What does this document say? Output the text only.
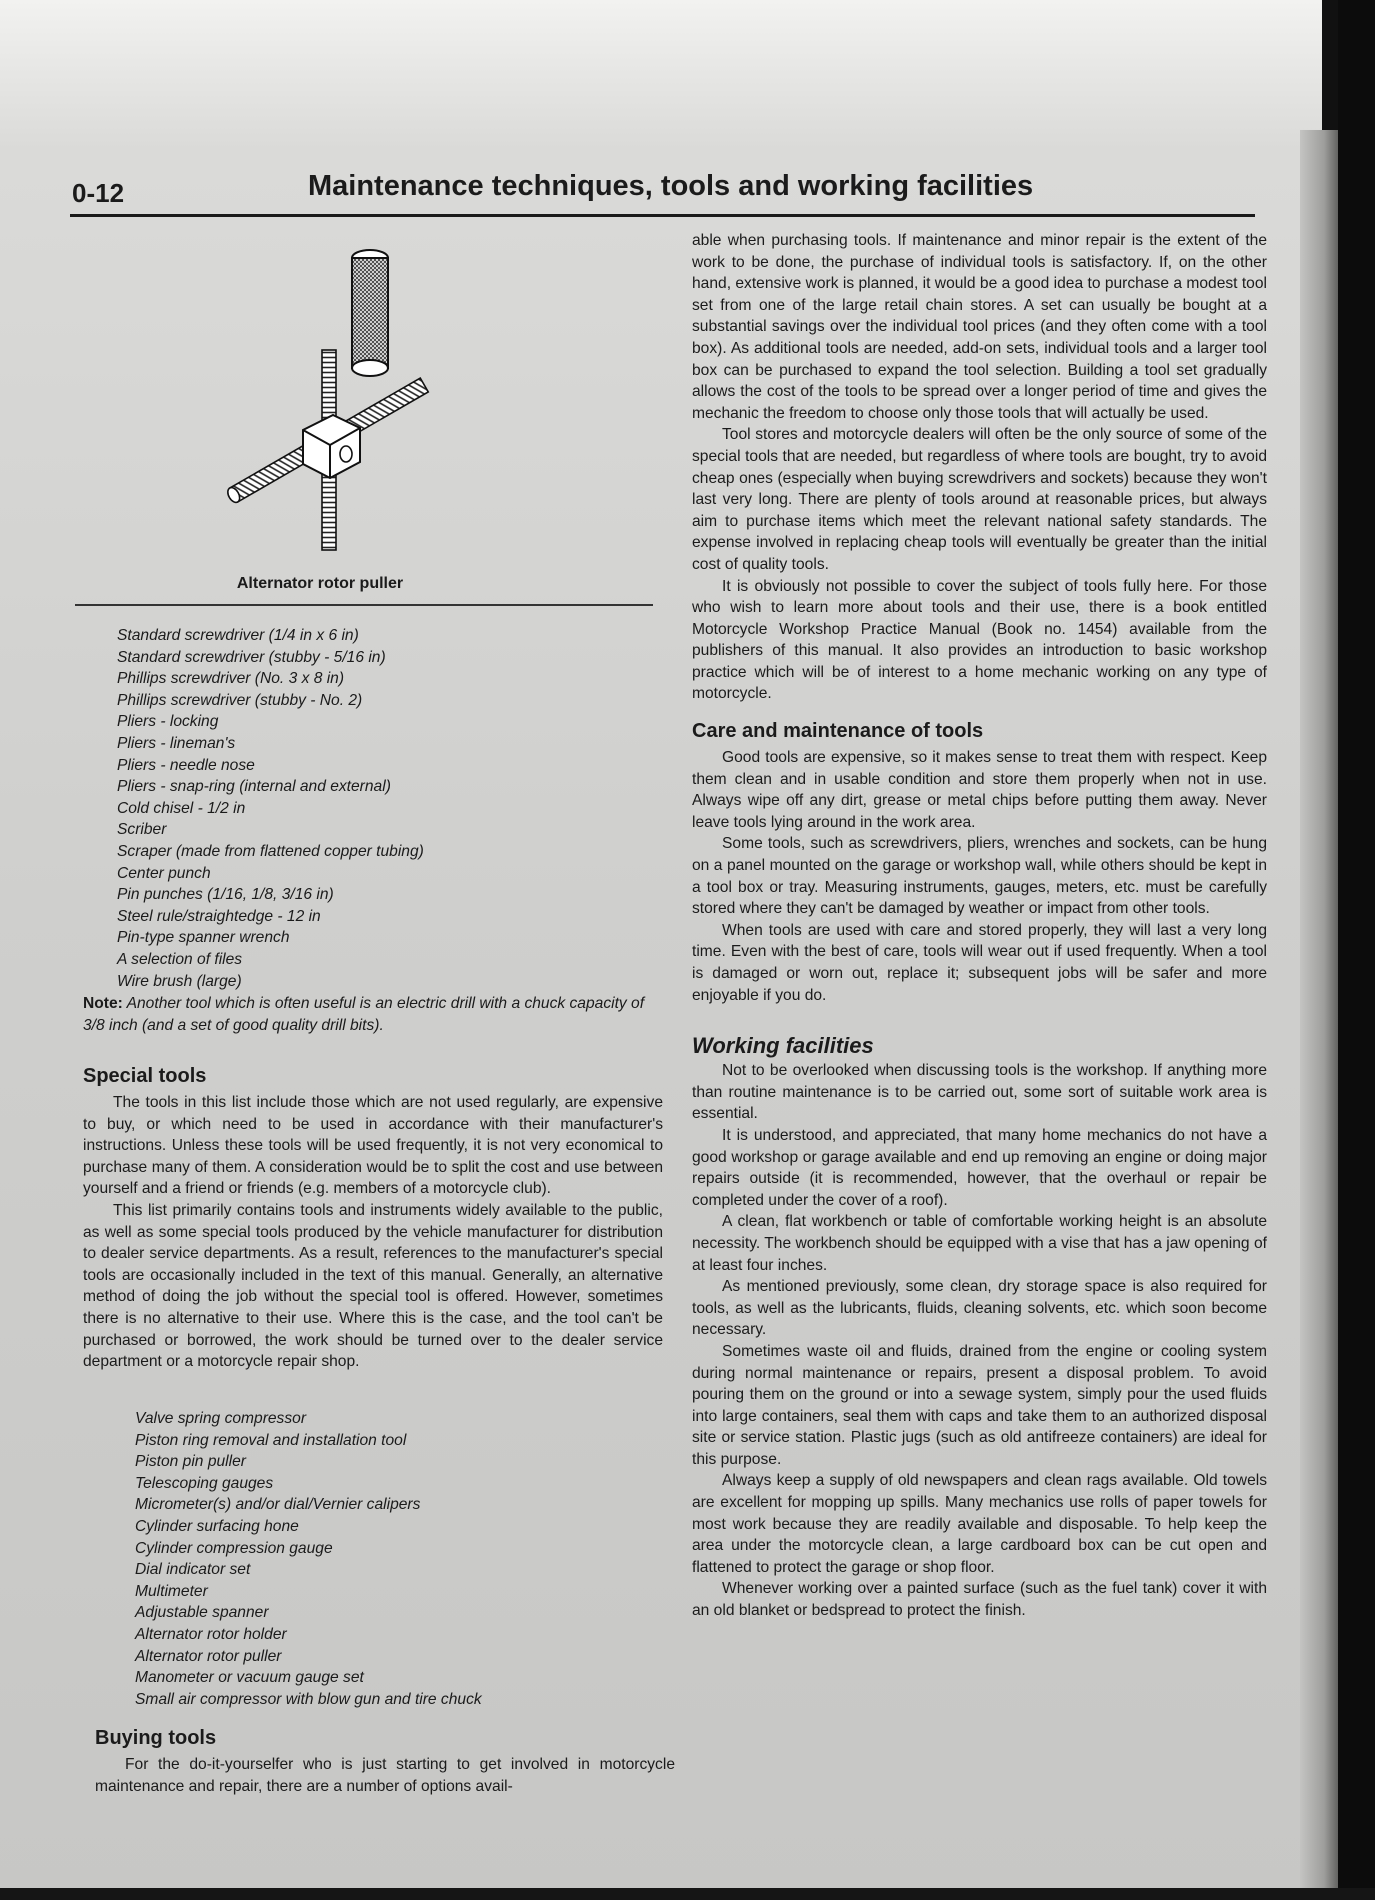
0-12	Maintenance techniques, tools and working facilities
Alternator rotor puller
Standard screwdriver (1/4 in x 6 in)
Standard screwdriver (stubby - 5/16 in)
Phillips screwdriver (No. 3 x 8 in)
Phillips screwdriver (stubby - No. 2)
Pliers - locking
Pliers - lineman's
Pliers - needle nose
Pliers - snap-ring (internal and external)
Cold chisel - 1/2 in
Scriber
Scraper (made from flattened copper tubing)
Center punch
Pin punches (1/16, 1/8, 3/16 in)
Steel rule/straightedge - 12 in
Pin-type spanner wrench
A selection of files
Wire brush (large)
Note: Another tool which is often useful is an electric drill with a chuck capacity of 3/8 inch (and a set of good quality drill bits).
Special tools

The tools in this list include those which are not used regularly, are expensive to buy, or which need to be used in accordance with their manufacturer's instructions. Unless these tools will be used frequently, it is not very economical to purchase many of them. A consideration would be to split the cost and use between yourself and a friend or friends (e.g. members of a motorcycle club).

This list primarily contains tools and instruments widely available to the public, as well as some special tools produced by the vehicle manufacturer for distribution to dealer service departments. As a result, references to the manufacturer's special tools are occasionally included in the text of this manual. Generally, an alternative method of doing the job without the special tool is offered. However, sometimes there is no alternative to their use. Where this is the case, and the tool can't be purchased or borrowed, the work should be turned over to the dealer service department or a motorcycle repair shop.

Valve spring compressor
Piston ring removal and installation tool
Piston pin puller
Telescoping gauges
Micrometer(s) and/or dial/Vernier calipers
Cylinder surfacing hone
Cylinder compression gauge
Dial indicator set
Multimeter
Adjustable spanner
Alternator rotor holder
Alternator rotor puller
Manometer or vacuum gauge set
Small air compressor with blow gun and tire chuck
Buying tools

For the do-it-yourselfer who is just starting to get involved in motorcycle maintenance and repair, there are a number of options avail-

able when purchasing tools. If maintenance and minor repair is the extent of the work to be done, the purchase of individual tools is satisfactory. If, on the other hand, extensive work is planned, it would be a good idea to purchase a modest tool set from one of the large retail chain stores. A set can usually be bought at a substantial savings over the individual tool prices (and they often come with a tool box). As additional tools are needed, add-on sets, individual tools and a larger tool box can be purchased to expand the tool selection. Building a tool set gradually allows the cost of the tools to be spread over a longer period of time and gives the mechanic the freedom to choose only those tools that will actually be used.

Tool stores and motorcycle dealers will often be the only source of some of the special tools that are needed, but regardless of where tools are bought, try to avoid cheap ones (especially when buying screwdrivers and sockets) because they won't last very long. There are plenty of tools around at reasonable prices, but always aim to purchase items which meet the relevant national safety standards. The expense involved in replacing cheap tools will eventually be greater than the initial cost of quality tools.

It is obviously not possible to cover the subject of tools fully here. For those who wish to learn more about tools and their use, there is a book entitled Motorcycle Workshop Practice Manual (Book no. 1454) available from the publishers of this manual. It also provides an introduction to basic workshop practice which will be of interest to a home mechanic working on any type of motorcycle.

Care and maintenance of tools

Good tools are expensive, so it makes sense to treat them with respect. Keep them clean and in usable condition and store them properly when not in use. Always wipe off any dirt, grease or metal chips before putting them away. Never leave tools lying around in the work area.

Some tools, such as screwdrivers, pliers, wrenches and sockets, can be hung on a panel mounted on the garage or workshop wall, while others should be kept in a tool box or tray. Measuring instruments, gauges, meters, etc. must be carefully stored where they can't be damaged by weather or impact from other tools.

When tools are used with care and stored properly, they will last a very long time. Even with the best of care, tools will wear out if used frequently. When a tool is damaged or worn out, replace it; subsequent jobs will be safer and more enjoyable if you do.

Working facilities

Not to be overlooked when discussing tools is the workshop. If anything more than routine maintenance is to be carried out, some sort of suitable work area is essential.

It is understood, and appreciated, that many home mechanics do not have a good workshop or garage available and end up removing an engine or doing major repairs outside (it is recommended, however, that the overhaul or repair be completed under the cover of a roof).

A clean, flat workbench or table of comfortable working height is an absolute necessity. The workbench should be equipped with a vise that has a jaw opening of at least four inches.

As mentioned previously, some clean, dry storage space is also required for tools, as well as the lubricants, fluids, cleaning solvents, etc. which soon become necessary.

Sometimes waste oil and fluids, drained from the engine or cooling system during normal maintenance or repairs, present a disposal problem. To avoid pouring them on the ground or into a sewage system, simply pour the used fluids into large containers, seal them with caps and take them to an authorized disposal site or service station. Plastic jugs (such as old antifreeze containers) are ideal for this purpose.

Always keep a supply of old newspapers and clean rags available. Old towels are excellent for mopping up spills. Many mechanics use rolls of paper towels for most work because they are readily available and disposable. To help keep the area under the motorcycle clean, a large cardboard box can be cut open and flattened to protect the garage or shop floor.

Whenever working over a painted surface (such as the fuel tank) cover it with an old blanket or bedspread to protect the finish.
